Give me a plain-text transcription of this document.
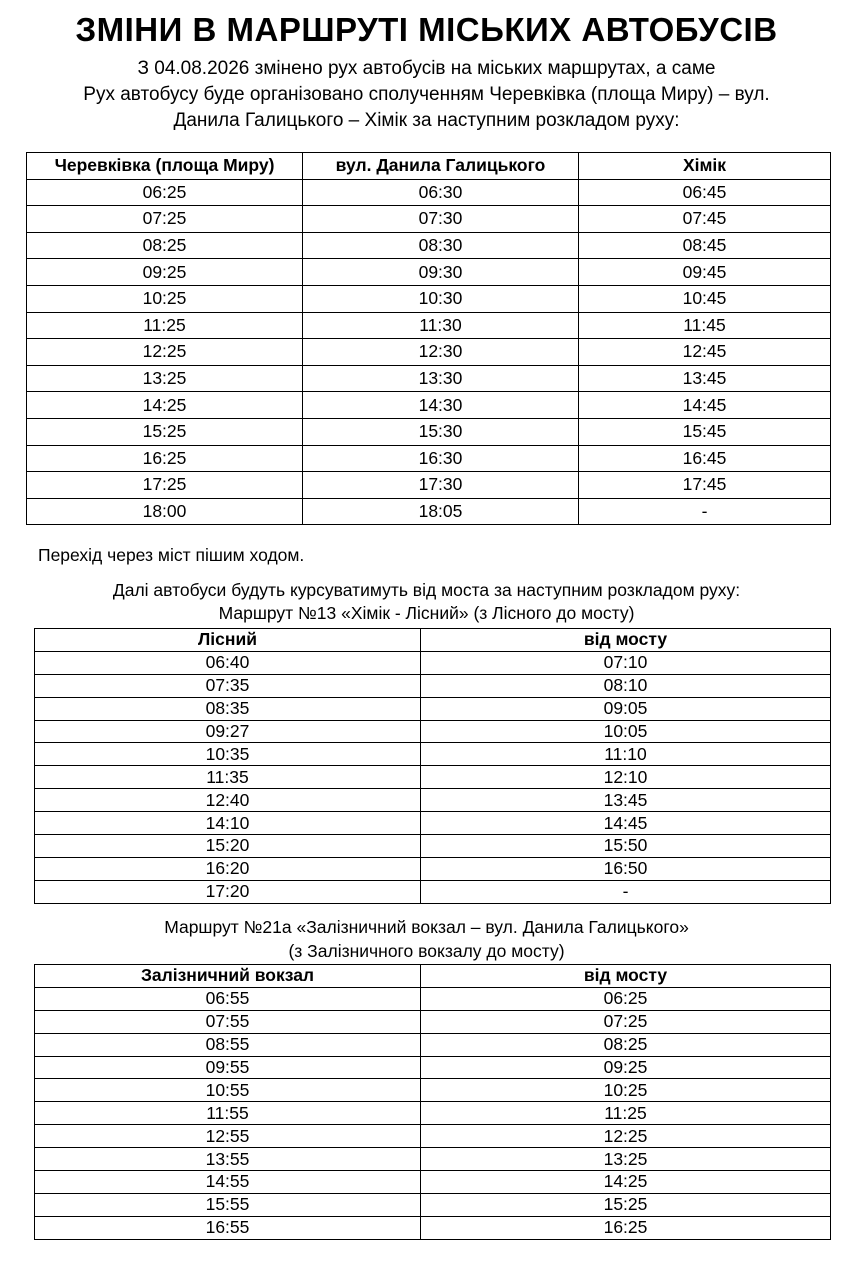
ЗМІНИ В МАРШРУТІ МІСЬКИХ АВТОБУСІВ
З 04.08.2026 змінено рух автобусів на міських маршрутах, а саме
Рух автобусу буде організовано сполученням Черевківка (площа Миру) – вул.
Данила Галицького – Хімік за наступним розкладом руху:
Черевківка (площа Миру)	вул. Данила Галицького	Хімік
06:25	06:30	06:45
07:25	07:30	07:45
08:25	08:30	08:45
09:25	09:30	09:45
10:25	10:30	10:45
11:25	11:30	11:45
12:25	12:30	12:45
13:25	13:30	13:45
14:25	14:30	14:45
15:25	15:30	15:45
16:25	16:30	16:45
17:25	17:30	17:45
18:00	18:05	-
Перехід через міст пішим ходом.
Далі автобуси будуть курсуватимуть від моста за наступним розкладом руху:
Маршрут №13 «Хімік - Лісний» (з Лісного до мосту)
Лісний	від мосту
06:40	07:10
07:35	08:10
08:35	09:05
09:27	10:05
10:35	11:10
11:35	12:10
12:40	13:45
14:10	14:45
15:20	15:50
16:20	16:50
17:20	-
Маршрут №21а «Залізничний вокзал – вул. Данила Галицького»
(з Залізничного вокзалу до мосту)
Залізничний вокзал	від мосту
06:55	06:25
07:55	07:25
08:55	08:25
09:55	09:25
10:55	10:25
11:55	11:25
12:55	12:25
13:55	13:25
14:55	14:25
15:55	15:25
16:55	16:25
